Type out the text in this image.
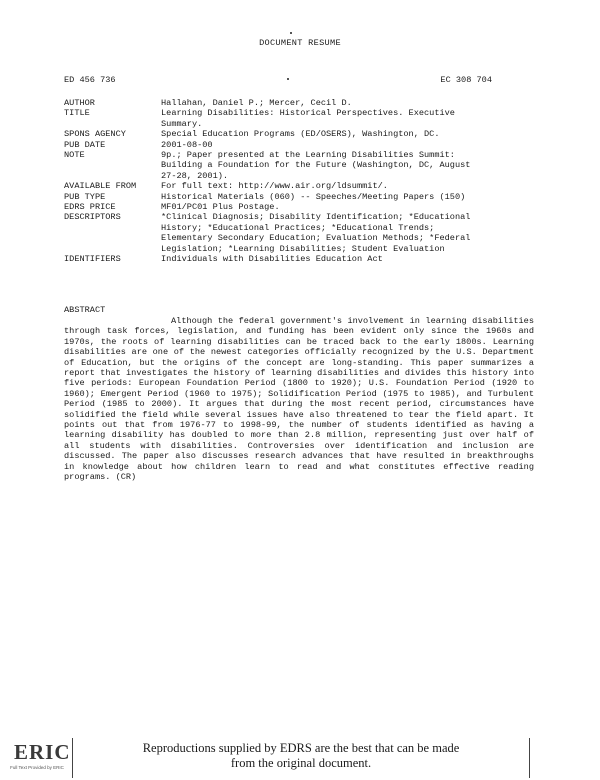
DOCUMENT RESUME
ED 456 736	EC 308 704
AUTHOR	Hallahan, Daniel P.; Mercer, Cecil D.
TITLE	Learning Disabilities: Historical Perspectives. Executive
Summary.
SPONS AGENCY	Special Education Programs (ED/OSERS), Washington, DC.
PUB DATE	2001-08-00
NOTE	9p.; Paper presented at the Learning Disabilities Summit:
Building a Foundation for the Future (Washington, DC, August
27-28, 2001).
AVAILABLE FROM	For full text: http://www.air.org/ldsummit/.
PUB TYPE	Historical Materials (060) -- Speeches/Meeting Papers (150)
EDRS PRICE	MF01/PC01 Plus Postage.
DESCRIPTORS	*Clinical Diagnosis; Disability Identification; *Educational
History; *Educational Practices; *Educational Trends;
Elementary Secondary Education; Evaluation Methods; *Federal
Legislation; *Learning Disabilities; Student Evaluation
IDENTIFIERS	Individuals with Disabilities Education Act
ABSTRACT
Although the federal government's involvement in learning disabilities through task forces, legislation, and funding has been evident only since the 1960s and 1970s, the roots of learning disabilities can be traced back to the early 1800s. Learning disabilities are one of the newest categories officially recognized by the U.S. Department of Education, but the origins of the concept are long-standing. This paper summarizes a report that investigates the history of learning disabilities and divides this history into five periods: European Foundation Period (1800 to 1920); U.S. Foundation Period (1920 to 1960); Emergent Period (1960 to 1975); Solidification Period (1975 to 1985), and Turbulent Period (1985 to 2000). It argues that during the most recent period, circumstances have solidified the field while several issues have also threatened to tear the field apart. It points out that from 1976-77 to 1998-99, the number of students identified as having a learning disability has doubled to more than 2.8 million, representing just over half of all students with disabilities. Controversies over identification and inclusion are discussed. The paper also discusses research advances that have resulted in breakthroughs in knowledge about how children learn to read and what constitutes effective reading programs. (CR)
ERIC
Full Text Provided by ERIC
Reproductions supplied by EDRS are the best that can be made
from the original document.
